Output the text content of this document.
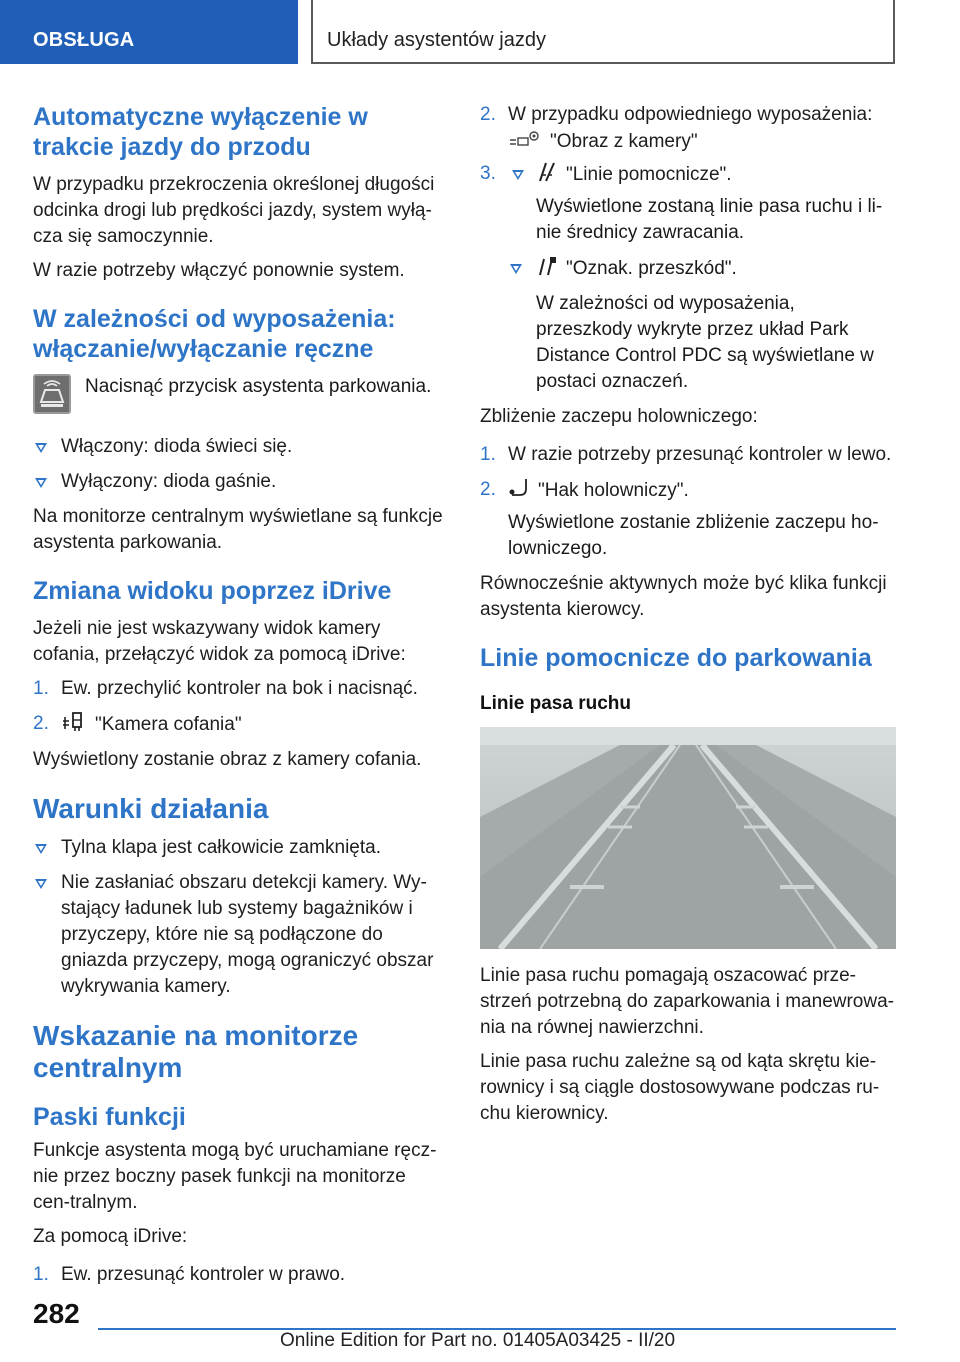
OBSŁUGA	Układy asystentów jazdy
Automatyczne wyłączenie w trakcie jazdy do przodu

W przypadku przekroczenia określonej długości odcinka drogi lub prędkości jazdy, system wyłą-cza się samoczynnie.

W razie potrzeby włączyć ponownie system.

W zależności od wyposażenia: włączanie/wyłączanie ręczne
Nacisnąć przycisk asystenta parkowania.
Włączony: dioda świeci się.
Wyłączony: dioda gaśnie.

Na monitorze centralnym wyświetlane są funkcje asystenta parkowania.

Zmiana widoku poprzez iDrive

Jeżeli nie jest wskazywany widok kamery cofania, przełączyć widok za pomocą iDrive:

1. Ew. przechylić kontroler na bok i nacisnąć.
2. "Kamera cofania"

Wyświetlony zostanie obraz z kamery cofania.

Warunki działania
Tylna klapa jest całkowicie zamknięta.
Nie zasłaniać obszaru detekcji kamery. Wy-stający ładunek lub systemy bagażników i przyczepy, które nie są podłączone do gniazda przyczepy, mogą ograniczyć obszar wykrywania kamery.
Wskazanie na monitorze centralnym
Paski funkcji

Funkcje asystenta mogą być uruchamiane ręcz-nie przez boczny pasek funkcji na monitorze cen-tralnym.

Za pomocą iDrive:

1. Ew. przesunąć kontroler w prawo.
2. W przypadku odpowiedniego wyposażenia:
"Obraz z kamery"
3.	"Linie pomocnicze".
Wyświetlone zostaną linie pasa ruchu i li-nie średnicy zawracania.
"Oznak. przeszkód".
W zależności od wyposażenia, przeszkody wykryte przez układ Park Distance Control PDC są wyświetlane w postaci oznaczeń.

Zbliżenie zaczepu holowniczego:

1. W razie potrzeby przesunąć kontroler w lewo.
2. "Hak holowniczy".
Wyświetlone zostanie zbliżenie zaczepu ho-lowniczego.

Równocześnie aktywnych może być klika funkcji asystenta kierowcy.

Linie pomocnicze do parkowania
Linie pasa ruchu

Linie pasa ruchu pomagają oszacować prze-strzeń potrzebną do zaparkowania i manewrowa-nia na równej nawierzchni.

Linie pasa ruchu zależne są od kąta skrętu kie-rownicy i są ciągle dostosowywane podczas ru-chu kierownicy.

282
Online Edition for Part no. 01405A03425 - II/20
